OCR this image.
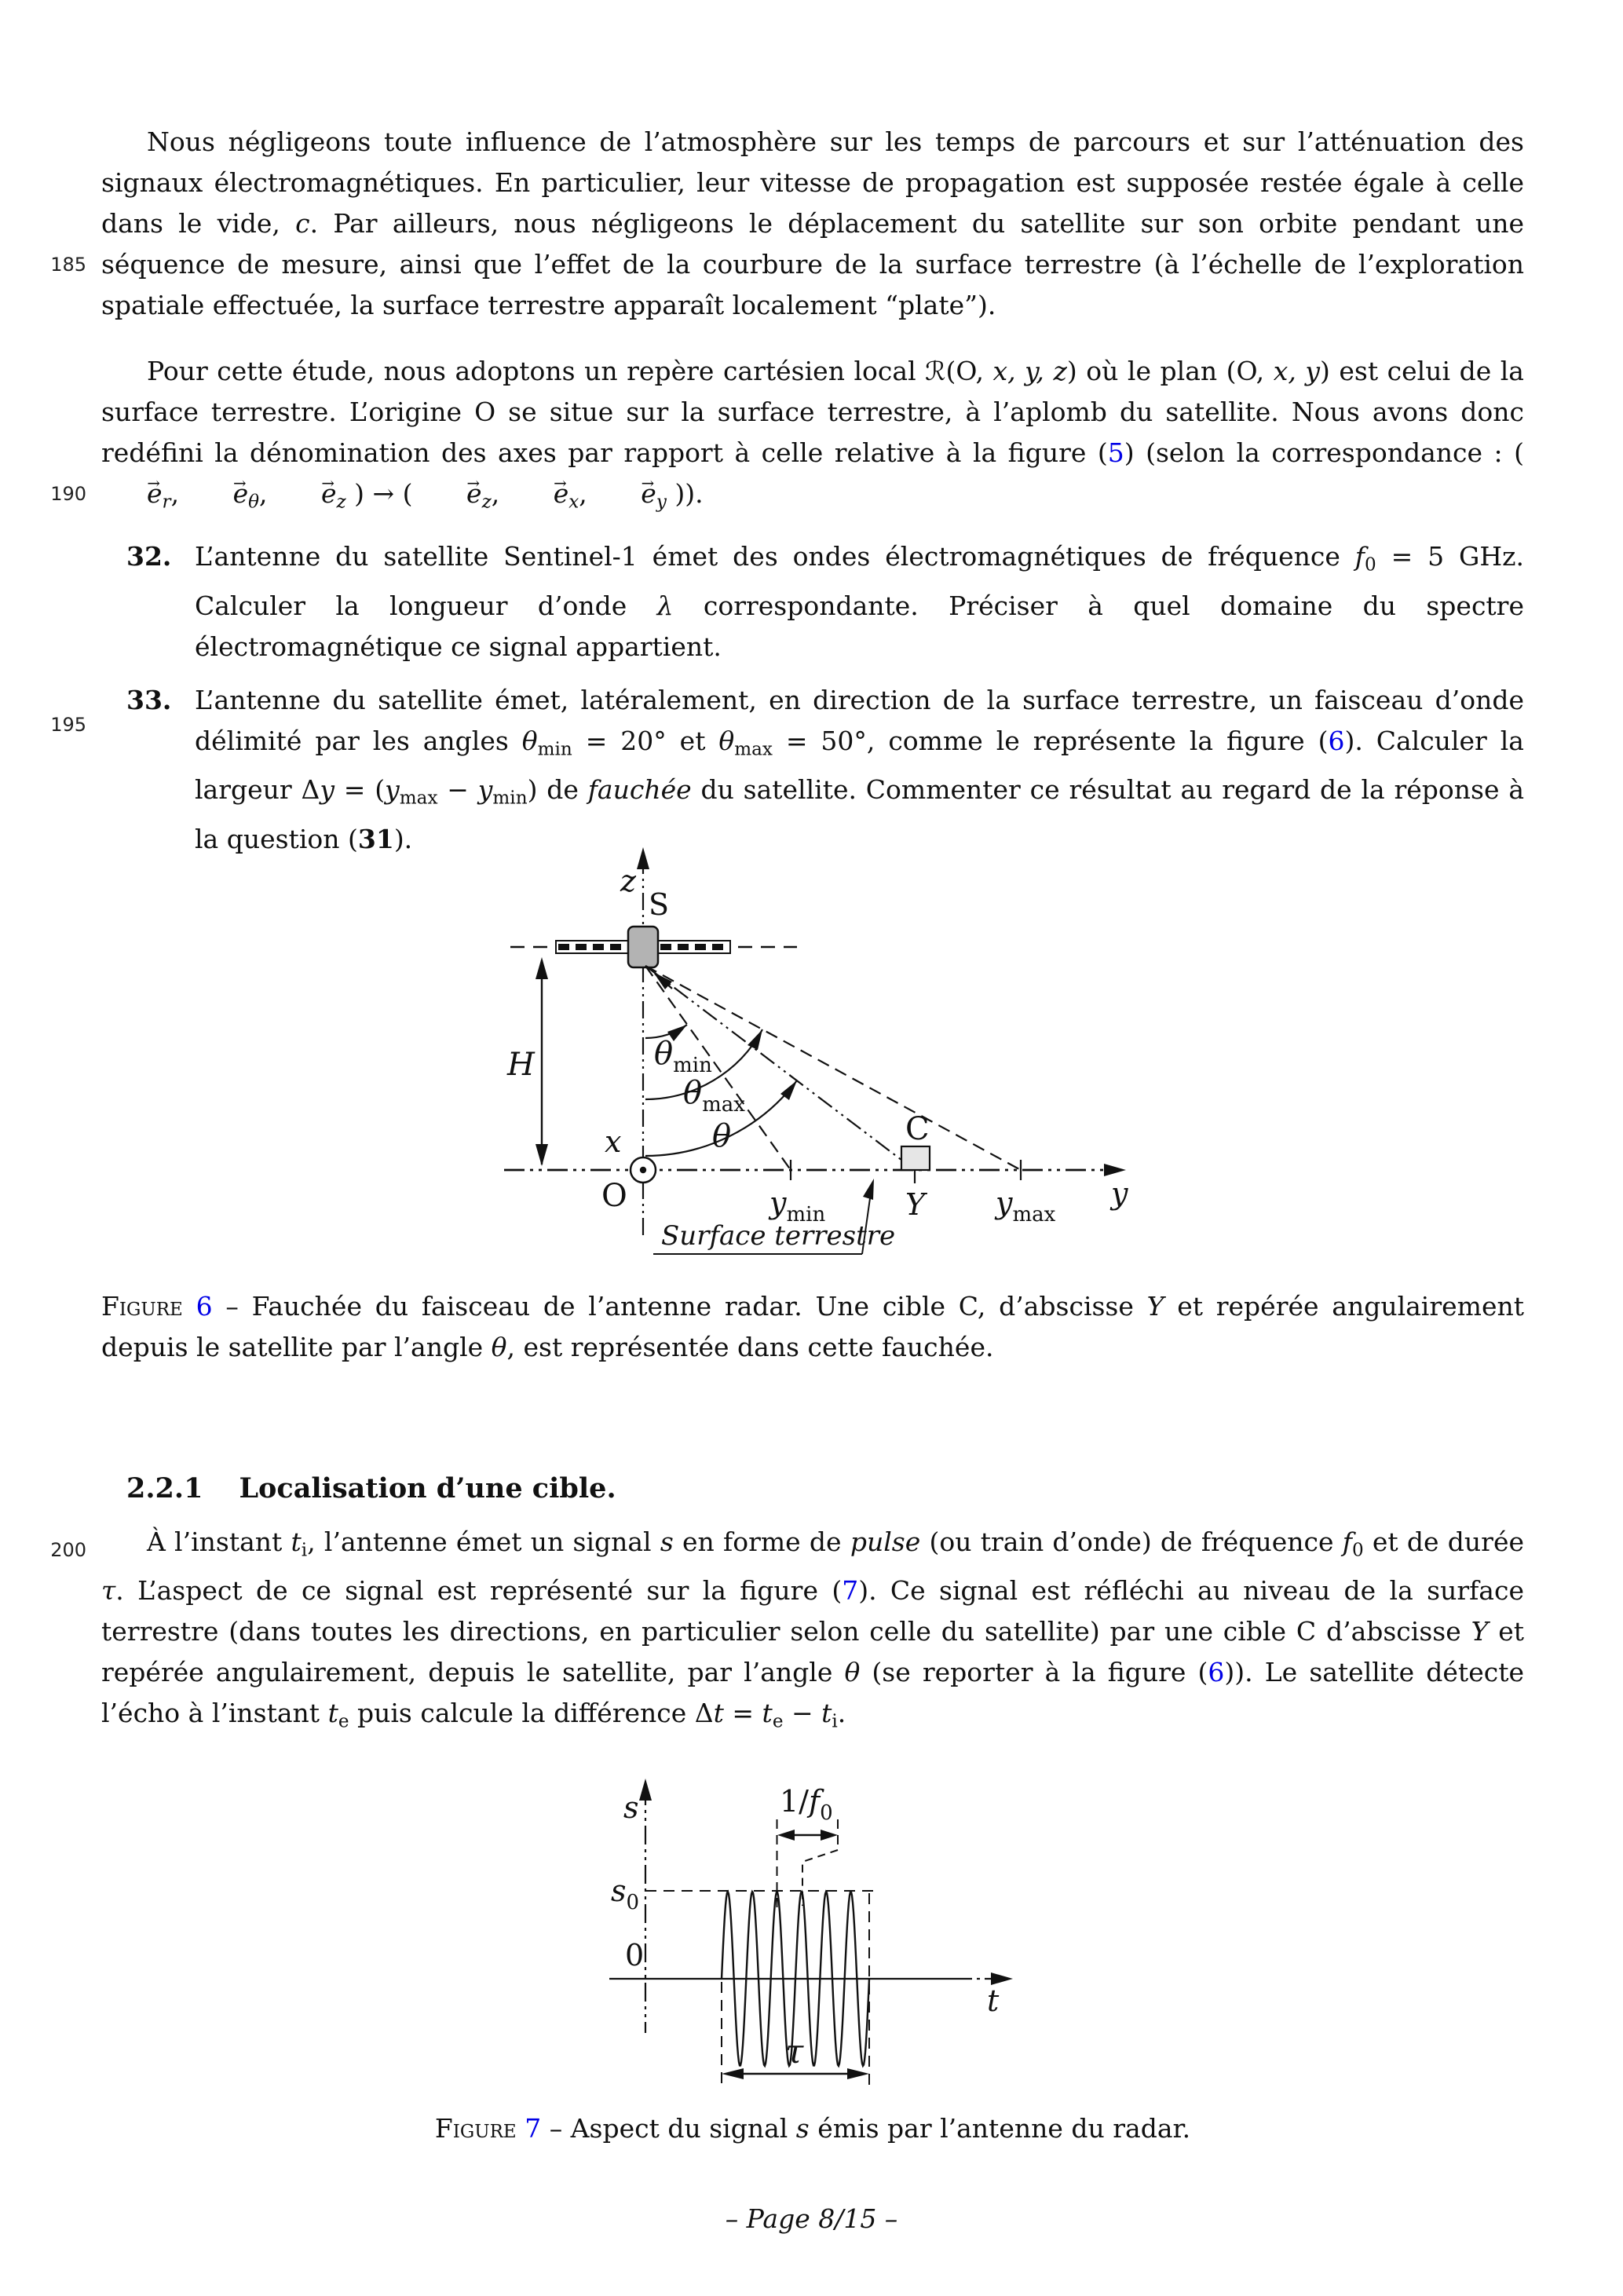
185
190
195
200

Nous négligeons toute influence de l’atmosphère sur les temps de parcours et sur l’atténuation des signaux électromagnétiques. En particulier, leur vitesse de propagation est supposée restée égale à celle dans le vide, c. Par ailleurs, nous négligeons le déplacement du satellite sur son orbite pendant une séquence de mesure, ainsi que l’effet de la courbure de la surface terrestre (à l’échelle de l’exploration spatiale effectuée, la surface terrestre apparaît localement “plate”).

Pour cette étude, nous adoptons un repère cartésien local ℛ(O, x, y, z) où le plan (O, x, y) est celui de la surface terrestre. L’origine O se situe sur la surface terrestre, à l’aplomb du satellite. Nous avons donc redéfini la dénomination des axes par rapport à celle relative à la figure (5) (selon la correspondance : ( → $e_r$, → $e_\theta$, → $e_z$ ) → ( → $e_z$, → $e_x$, → $e_y$ )).

32. L’antenne du satellite Sentinel-1 émet des ondes électromagnétiques de fréquence $f_0 = 5$ GHz. Calculer la longueur d’onde λ correspondante. Préciser à quel domaine du spectre électromagnétique ce signal appartient.
33. L’antenne du satellite émet, latéralement, en direction de la surface terrestre, un faisceau d’onde délimité par les angles $\theta_{min} = 20^\circ$ et $\theta_{max} = 50^\circ$, comme le représente la figure (6). Calculer la largeur $\Delta y = (y_{max} - y_{min})$ de fauchée du satellite. Commenter ce résultat au regard de la réponse à la question (31).
z
S
$\theta_{min}$
$\theta_{max}$
θ
H
y
x
O	$y_{min}$	Y $y_{max}$
C
Surface terrestre

Figure 6 – Fauchée du faisceau de l’antenne radar. Une cible C, d’abscisse Y et repérée angulairement depuis le satellite par l’angle θ, est représentée dans cette fauchée.

2.2.1 Localisation d’une cible.

À l’instant $t_i$, l’antenne émet un signal s en forme de pulse (ou train d’onde) de fréquence $f_0$ et de durée τ. L’aspect de ce signal est représenté sur la figure (7). Ce signal est réfléchi au niveau de la surface terrestre (dans toutes les directions, en particulier selon celle du satellite) par une cible C d’abscisse Y et repérée angulairement, depuis le satellite, par l’angle θ (se reporter à la figure (6)). Le satellite détecte l’écho à l’instant $t_e$ puis calcule la différence $\Delta t = t_e - t_i$.

s
t
$s_0$
0
$1/f_0$
τ

Figure 7 – Aspect du signal s émis par l’antenne du radar.

– Page 8/15 –
